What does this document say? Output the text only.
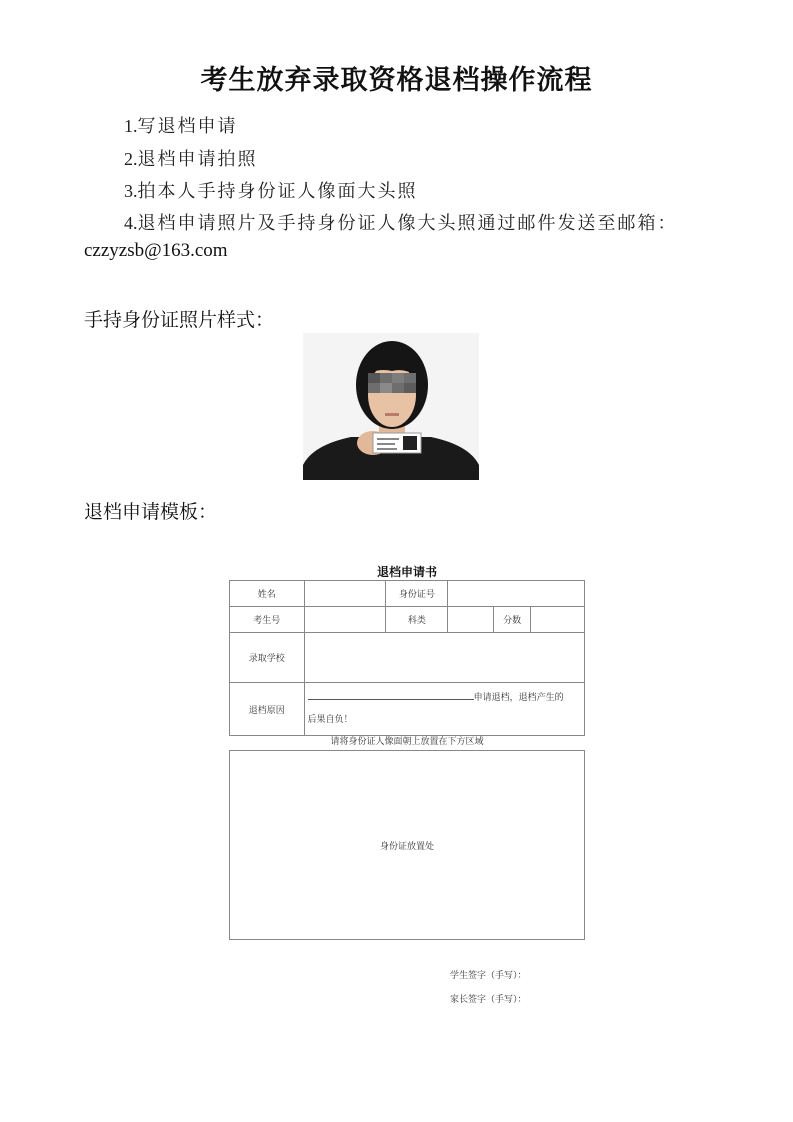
考生放弃录取资格退档操作流程
1.写退档申请
2.退档申请拍照
3.拍本人手持身份证人像面大头照
4.退档申请照片及手持身份证人像大头照通过邮件发送至邮箱：
czzyzsb@163.com
手持身份证照片样式：
退档申请模板：
退档申请书
姓名		身份证号			
考生号		科类		分数	
录取学校					
退档原因	申请退档，退档产生的
后果自负！				
请将身份证人像面朝上放置在下方区域
身份证放置处
学生签字（手写）：
家长签字（手写）：
